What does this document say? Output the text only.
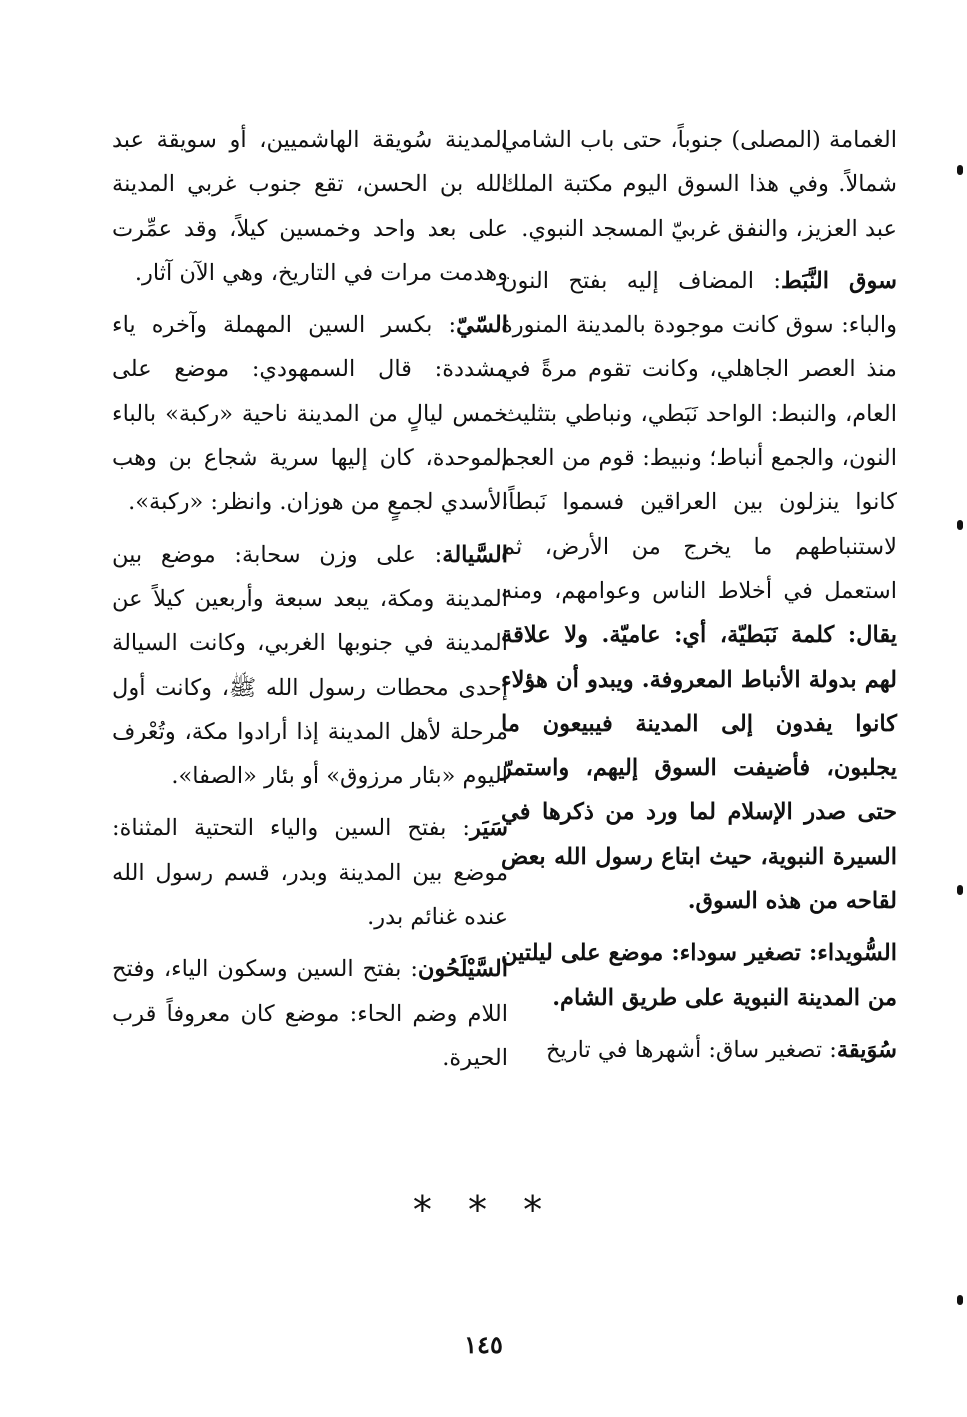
الغمامة (المصلى) جنوباً، حتى باب الشامي شمالاً. وفي هذا السوق اليوم مكتبة الملك عبد العزيز، والنفق غربيّ المسجد النبوي.

سوق النَّبَط: المضاف إليه بفتح النون والباء: سوق كانت موجودة بالمدينة المنورة منذ العصر الجاهلي، وكانت تقوم مرةً في العام، والنبط: الواحد نَبَطي، ونباطي بتثليث النون، والجمع أنباط؛ ونبيط: قوم من العجم كانوا ينزلون بين العراقين فسموا نَبطاً، لاستنباطهم ما يخرج من الأرض، ثم استعمل في أخلاط الناس وعوامهم، ومنه يقال: كلمة نَبَطيّة، أي: عاميّة. ولا علاقة لهم بدولة الأنباط المعروفة. ويبدو أن هؤلاء كانوا يفدون إلى المدينة فيبيعون ما يجلبون، فأضيفت السوق إليهم، واستمرّ حتى صدر الإسلام لما ورد من ذكرها في السيرة النبوية، حيث ابتاع رسول الله بعض لقاحه من هذه السوق.

السُّويداء: تصغير سوداء: موضع على ليلتين من المدينة النبوية على طريق الشام.

سُوَيقة: تصغير ساق: أشهرها في تاريخ

المدينة سُويقة الهاشميين، أو سويقة عبد الله بن الحسن، تقع جنوب غربي المدينة على بعد واحد وخمسين كيلاً، وقد عمِّرت وهدمت مرات في التاريخ، وهي الآن آثار.

السّيّ: بكسر السين المهملة وآخره ياء مشددة: قال السمهودي: موضع على خمس ليالٍ من المدينة ناحية «ركبة» بالباء الموحدة، كان إليها سرية شجاع بن وهب الأسدي لجمعٍ من هوزان. وانظر: «ركبة».

السَّيالة: على وزن سحابة: موضع بين المدينة ومكة، يبعد سبعة وأربعين كيلاً عن المدينة في جنوبها الغربي، وكانت السيالة إحدى محطات رسول الله ﷺ، وكانت أول مرحلة لأهل المدينة إذا أرادوا مكة، وتُعْرف اليوم «بئار مرزوق» أو بئار «الصفا».

سَيَر: بفتح السين والياء التحتية المثناة: موضع بين المدينة وبدر، قسم رسول الله عنده غنائم بدر.

السَّيْلَحُون: بفتح السين وسكون الياء، وفتح اللام وضم الحاء: موضع كان معروفاً قرب الحيرة.

* * *
١٤٥
